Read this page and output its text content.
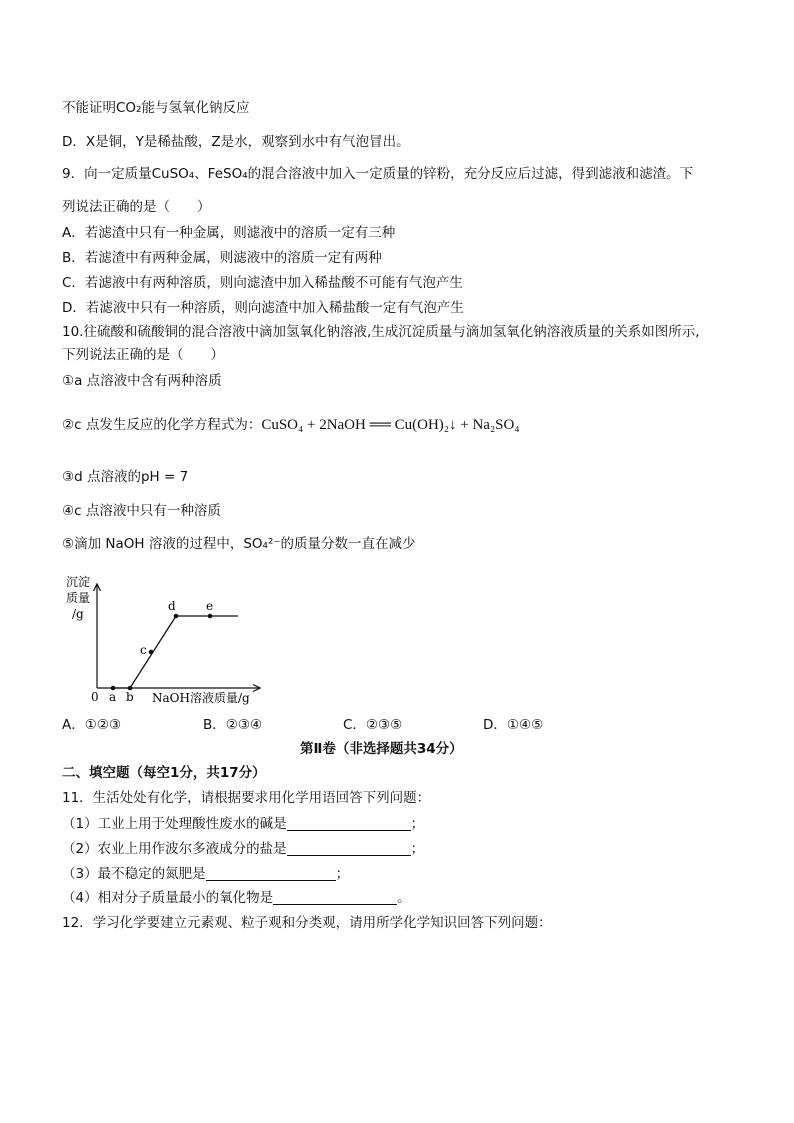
不能证明CO₂能与氢氧化钠反应
D．X是铜，Y是稀盐酸，Z是水，观察到水中有气泡冒出。
9．向一定质量CuSO₄、FeSO₄的混合溶液中加入一定质量的锌粉，充分反应后过滤，得到滤液和滤渣。下
列说法正确的是（　　）
A．若滤渣中只有一种金属，则滤液中的溶质一定有三种
B．若滤渣中有两种金属，则滤液中的溶质一定有两种
C．若滤液中有两种溶质，则向滤渣中加入稀盐酸不可能有气泡产生
D．若滤液中只有一种溶质，则向滤渣中加入稀盐酸一定有气泡产生
10.往硫酸和硫酸铜的混合溶液中滴加氢氧化钠溶液,生成沉淀质量与滴加氢氧化钠溶液质量的关系如图所示,
下列说法正确的是（　　）
①a 点溶液中含有两种溶质
②c 点发生反应的化学方程式为：CuSO₄ + 2NaOH ══ Cu(OH)₂↓ + Na₂SO₄
③d 点溶液的pH = 7
④c 点溶液中只有一种溶质
⑤滴加 NaOH 溶液的过程中，SO₄²⁻的质量分数一直在减少
沉淀
质量
/g
0 a b
c
d	e
NaOH溶液质量/g
A．①②③	B．②③④	C．②③⑤	D．①④⑤
第Ⅱ卷（非选择题共34分）
二、填空题（每空1分，共17分）
11．生活处处有化学，请根据要求用化学用语回答下列问题：
（1）工业上用于处理酸性废水的碱是	；
（2）农业上用作波尔多液成分的盐是	；
（3）最不稳定的氮肥是	；
（4）相对分子质量最小的氧化物是	。
12．学习化学要建立元素观、粒子观和分类观，请用所学化学知识回答下列问题：
